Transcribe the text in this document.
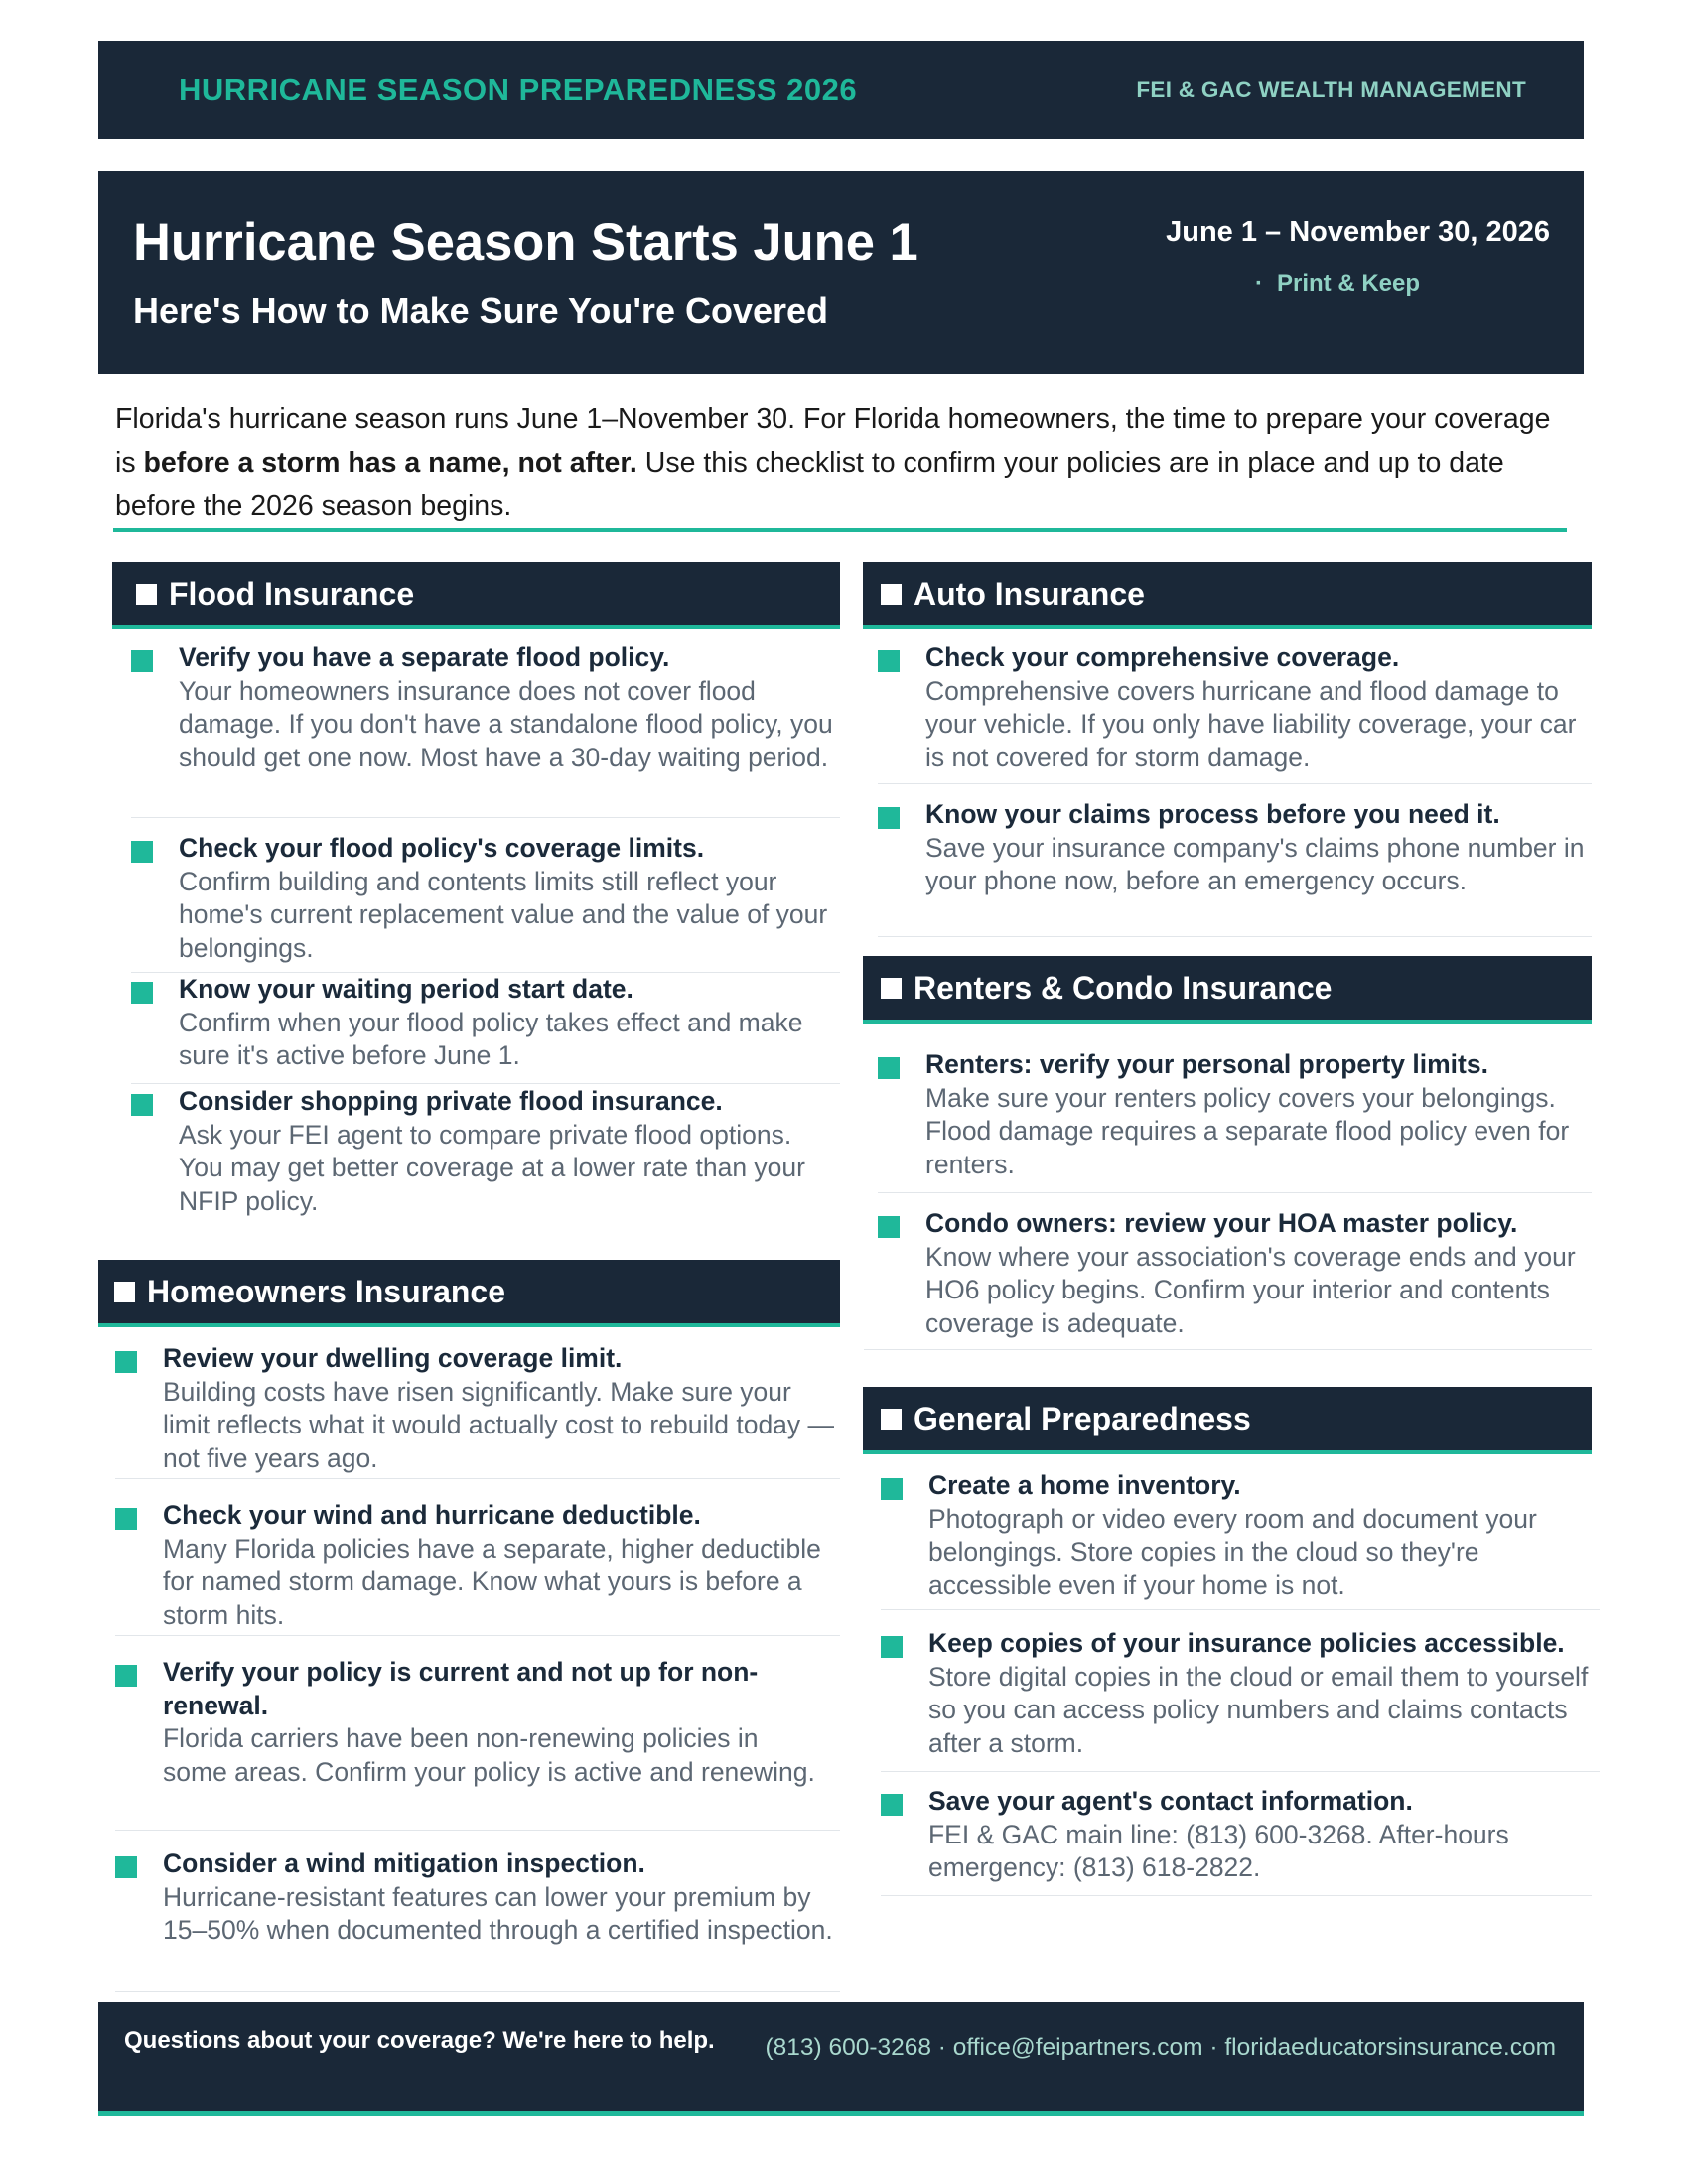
HURRICANE SEASON PREPAREDNESS 2026	FEI & GAC WEALTH MANAGEMENT
Hurricane Season Starts June 1
Here's How to Make Sure You're Covered
June 1 – November 30, 2026
· Print & Keep

Florida's hurricane season runs June 1–November 30. For Florida homeowners, the time to prepare your coverage is before a storm has a name, not after. Use this checklist to confirm your policies are in place and up to date before the 2026 season begins.

Flood Insurance
Verify you have a separate flood policy.
Your homeowners insurance does not cover flood damage. If you don't have a standalone flood policy, you should get one now. Most have a 30-day waiting period.
Check your flood policy's coverage limits.
Confirm building and contents limits still reflect your home's current replacement value and the value of your belongings.
Know your waiting period start date.
Confirm when your flood policy takes effect and make sure it's active before June 1.
Consider shopping private flood insurance.
Ask your FEI agent to compare private flood options. You may get better coverage at a lower rate than your NFIP policy.
Homeowners Insurance
Review your dwelling coverage limit.
Building costs have risen significantly. Make sure your limit reflects what it would actually cost to rebuild today — not five years ago.
Check your wind and hurricane deductible.
Many Florida policies have a separate, higher deductible for named storm damage. Know what yours is before a storm hits.
Verify your policy is current and not up for non-renewal.
Florida carriers have been non-renewing policies in some areas. Confirm your policy is active and renewing.
Consider a wind mitigation inspection.
Hurricane-resistant features can lower your premium by 15–50% when documented through a certified inspection.
Auto Insurance
Check your comprehensive coverage.
Comprehensive covers hurricane and flood damage to your vehicle. If you only have liability coverage, your car is not covered for storm damage.
Know your claims process before you need it.
Save your insurance company's claims phone number in your phone now, before an emergency occurs.
Renters & Condo Insurance
Renters: verify your personal property limits.
Make sure your renters policy covers your belongings. Flood damage requires a separate flood policy even for renters.
Condo owners: review your HOA master policy. Know where your association's coverage ends and your HO6 policy begins. Confirm your interior and contents coverage is adequate.
General Preparedness
Create a home inventory.
Photograph or video every room and document your belongings. Store copies in the cloud so they're accessible even if your home is not.
Keep copies of your insurance policies accessible. Store digital copies in the cloud or email them to yourself so you can access policy numbers and claims contacts after a storm.
Save your agent's contact information.
FEI & GAC main line: (813) 600-3268. After-hours emergency: (813) 618-2822.
Questions about your coverage? We're here to help.	(813) 600-3268 · office@feipartners.com · floridaeducatorsinsurance.com
